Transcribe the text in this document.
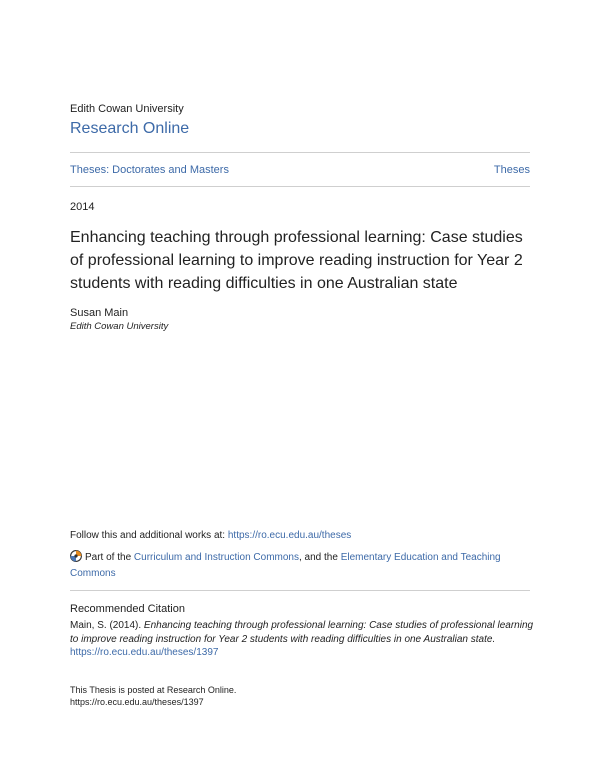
Edith Cowan University
Research Online
Theses: Doctorates and Masters	Theses
2014
Enhancing teaching through professional learning: Case studies of professional learning to improve reading instruction for Year 2 students with reading difficulties in one Australian state
Susan Main
Edith Cowan University
Follow this and additional works at: https://ro.ecu.edu.au/theses
Part of the Curriculum and Instruction Commons, and the Elementary Education and Teaching Commons
Recommended Citation
Main, S. (2014). Enhancing teaching through professional learning: Case studies of professional learning to improve reading instruction for Year 2 students with reading difficulties in one Australian state.
https://ro.ecu.edu.au/theses/1397
This Thesis is posted at Research Online.
https://ro.ecu.edu.au/theses/1397
